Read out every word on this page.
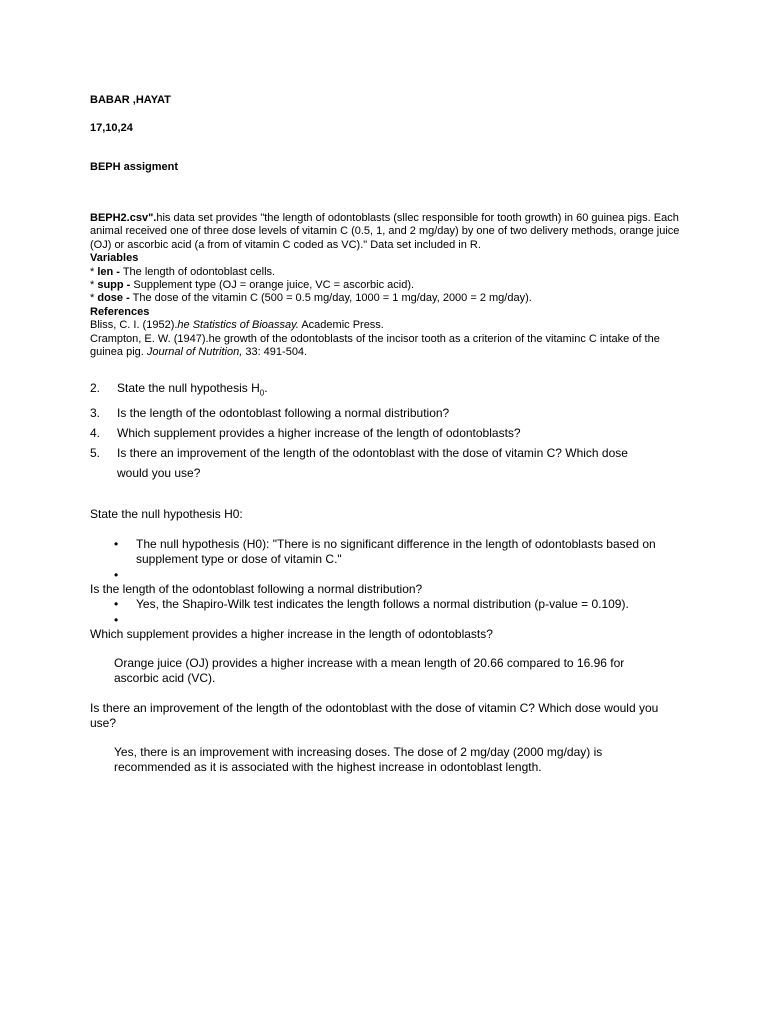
BABAR ,HAYAT
17,10,24
BEPH assigment

BEPH2.csv".his data set provides "the length of odontoblasts (sllec responsible for tooth growth) in 60 guinea pigs. Each animal received one of three dose levels of vitamin C (0.5, 1, and 2 mg/day) by one of two delivery methods, orange juice (OJ) or ascorbic acid (a from of vitamin C coded as VC)." Data set included in R.

Variables

* len - The length of odontoblast cells.

* supp - Supplement type (OJ = orange juice, VC = ascorbic acid).

* dose - The dose of the vitamin C (500 = 0.5 mg/day, 1000 = 1 mg/day, 2000 = 2 mg/day).

References

Bliss, C. I. (1952).he Statistics of Bioassay. Academic Press.

Crampton, E. W. (1947).he growth of the odontoblasts of the incisor tooth as a criterion of the vitaminc C intake of the guinea pig. Journal of Nutrition, 33: 491-504.

2.	State the null hypothesis $H_0$.
3.	Is the length of the odontoblast following a normal distribution?
4.	Which supplement provides a higher increase of the length of odontoblasts?
5.	Is there an improvement of the length of the odontoblast with the dose of vitamin C? Which dose would you use?
State the null hypothesis H0:
•	The null hypothesis (H0): "There is no significant difference in the length of odontoblasts based on supplement type or dose of vitamin C."
•
Is the length of the odontoblast following a normal distribution?
•	Yes, the Shapiro-Wilk test indicates the length follows a normal distribution (p-value = 0.109).
•
Which supplement provides a higher increase in the length of odontoblasts?
Orange juice (OJ) provides a higher increase with a mean length of 20.66 compared to 16.96 for ascorbic acid (VC).
Is there an improvement of the length of the odontoblast with the dose of vitamin C? Which dose would you use?
Yes, there is an improvement with increasing doses. The dose of 2 mg/day (2000 mg/day) is recommended as it is associated with the highest increase in odontoblast length.
